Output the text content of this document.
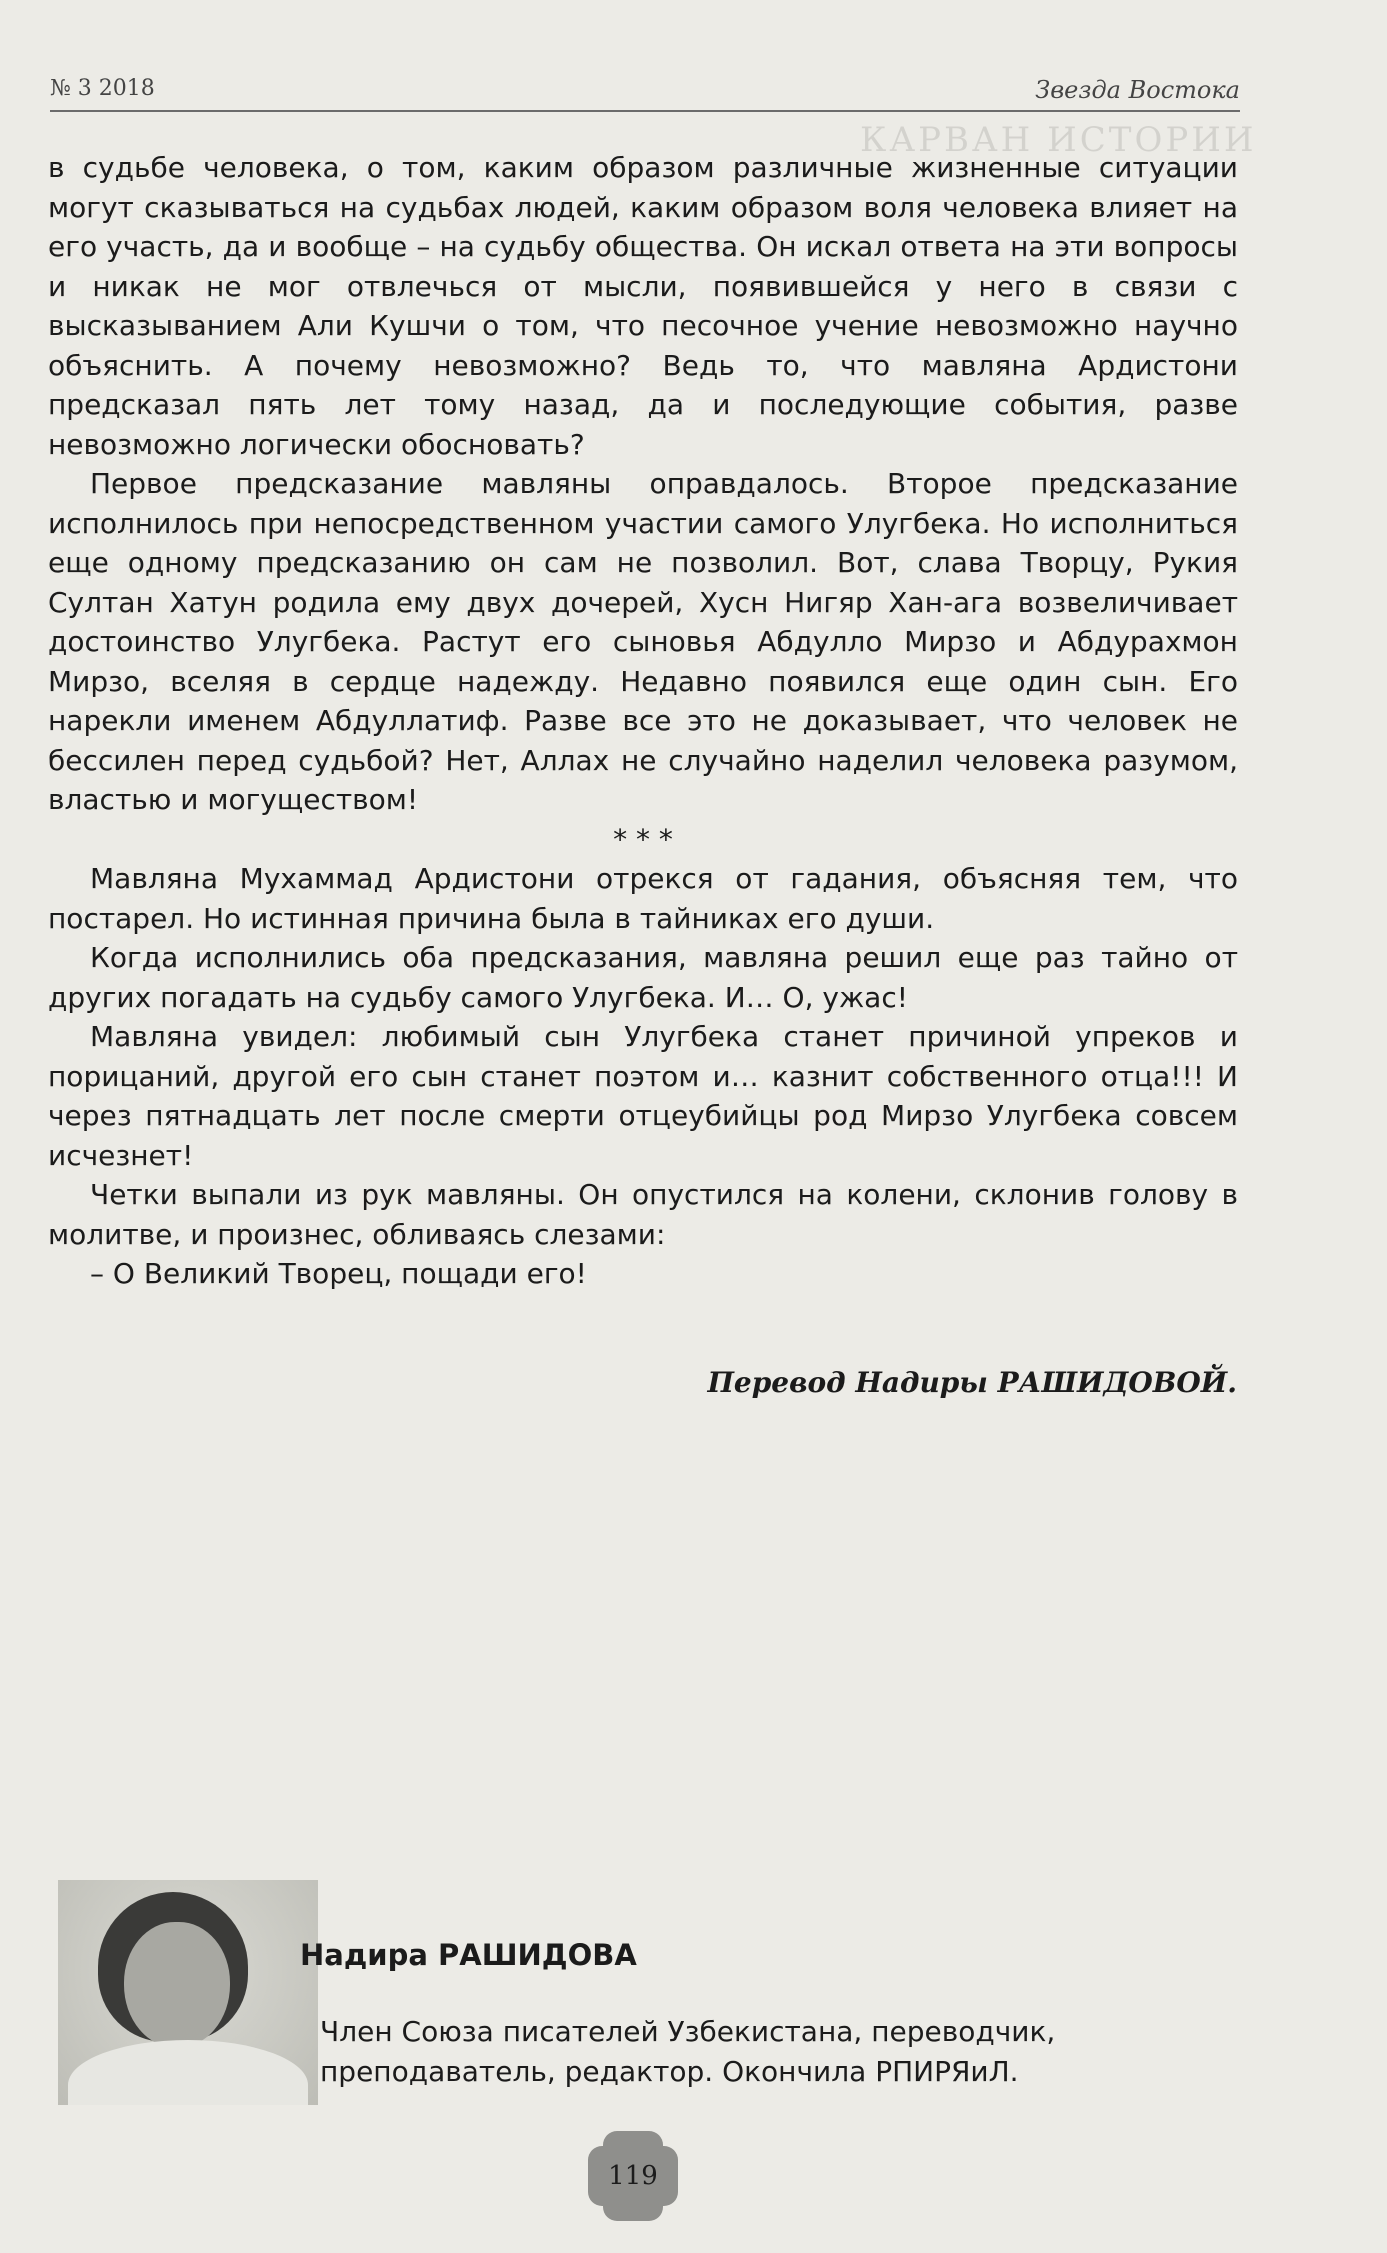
КАРВАН ИСТОРИИ
№ 3 2018	Звезда Востока

в судьбе человека, о том, каким образом различные жизненные ситуации могут сказываться на судьбах людей, каким образом воля человека влияет на его участь, да и вообще – на судьбу общества. Он искал ответа на эти вопросы и никак не мог отвлечься от мысли, появившейся у него в связи с высказыванием Али Кушчи о том, что песочное учение невозможно научно объяснить. А почему невозможно? Ведь то, что мавляна Ардистони предсказал пять лет тому назад, да и последующие события, разве невозможно логически обосновать?

Первое предсказание мавляны оправдалось. Второе предсказание исполнилось при непосредственном участии самого Улугбека. Но исполниться еще одному предсказанию он сам не позволил. Вот, слава Творцу, Рукия Султан Хатун родила ему двух дочерей, Хусн Нигяр Хан-ага возвеличивает достоинство Улугбека. Растут его сыновья Абдулло Мирзо и Абдурахмон Мирзо, вселяя в сердце надежду. Недавно появился еще один сын. Его нарекли именем Абдуллатиф. Разве все это не доказывает, что человек не бессилен перед судьбой? Нет, Аллах не случайно наделил человека разумом, властью и могуществом!

* * *

Мавляна Мухаммад Ардистони отрекся от гадания, объясняя тем, что постарел. Но истинная причина была в тайниках его души.

Когда исполнились оба предсказания, мавляна решил еще раз тайно от других погадать на судьбу самого Улугбека. И… О, ужас!

Мавляна увидел: любимый сын Улугбека станет причиной упреков и порицаний, другой его сын станет поэтом и… казнит собственного отца!!! И через пятнадцать лет после смерти отцеубийцы род Мирзо Улугбека совсем исчезнет!

Четки выпали из рук мавляны. Он опустился на колени, склонив голову в молитве, и произнес, обливаясь слезами:

– О Великий Творец, пощади его!

Перевод Надиры РАШИДОВОЙ.
Надира РАШИДОВА
Член Союза писателей Узбекистана, переводчик, преподаватель, редактор. Окончила РПИРЯиЛ.
119
